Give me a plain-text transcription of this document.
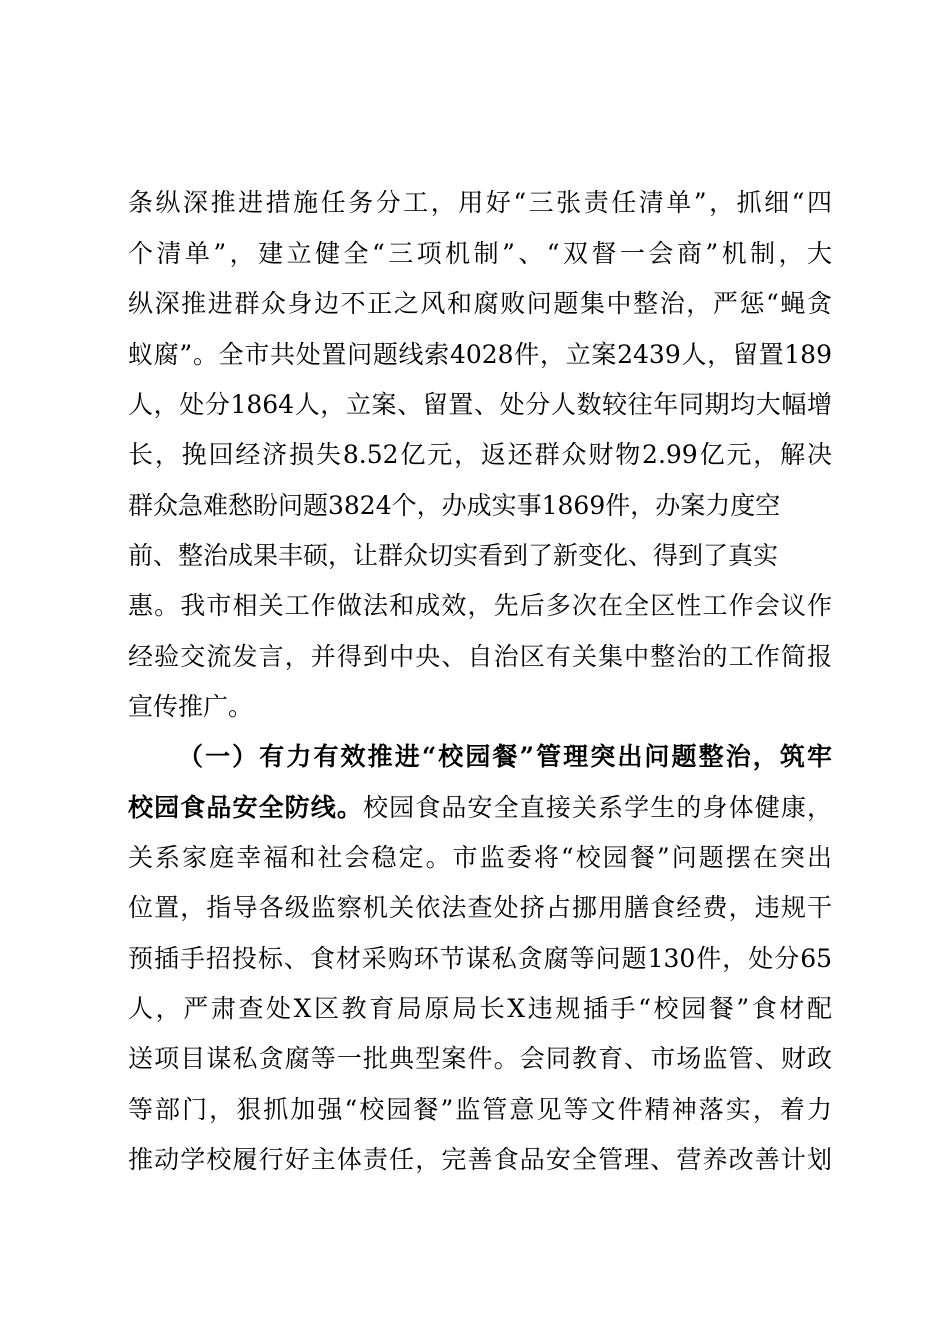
条纵深推进措施任务分工，用好“三张责任清单”，抓细“四
个清单”，建立健全“三项机制”、“双督一会商”机制，大
纵深推进群众身边不正之风和腐败问题集中整治，严惩“蝇贪
蚁腐”。全市共处置问题线索4028件，立案2439人，留置189
人，处分1864人，立案、留置、处分人数较往年同期均大幅增
长，挽回经济损失8.52亿元，返还群众财物2.99亿元，解决
群众急难愁盼问题3824个，办成实事1869件，办案力度空
前、整治成果丰硕，让群众切实看到了新变化、得到了真实
惠。我市相关工作做法和成效，先后多次在全区性工作会议作
经验交流发言，并得到中央、自治区有关集中整治的工作简报
宣传推广。
（一）有力有效推进“校园餐”管理突出问题整治，筑牢
校园食品安全防线。校园食品安全直接关系学生的身体健康，
关系家庭幸福和社会稳定。市监委将“校园餐”问题摆在突出
位置，指导各级监察机关依法查处挤占挪用膳食经费，违规干
预插手招投标、食材采购环节谋私贪腐等问题130件，处分65
人，严肃查处X区教育局原局长X违规插手“校园餐”食材配
送项目谋私贪腐等一批典型案件。会同教育、市场监管、财政
等部门，狠抓加强“校园餐”监管意见等文件精神落实，着力
推动学校履行好主体责任，完善食品安全管理、营养改善计划
